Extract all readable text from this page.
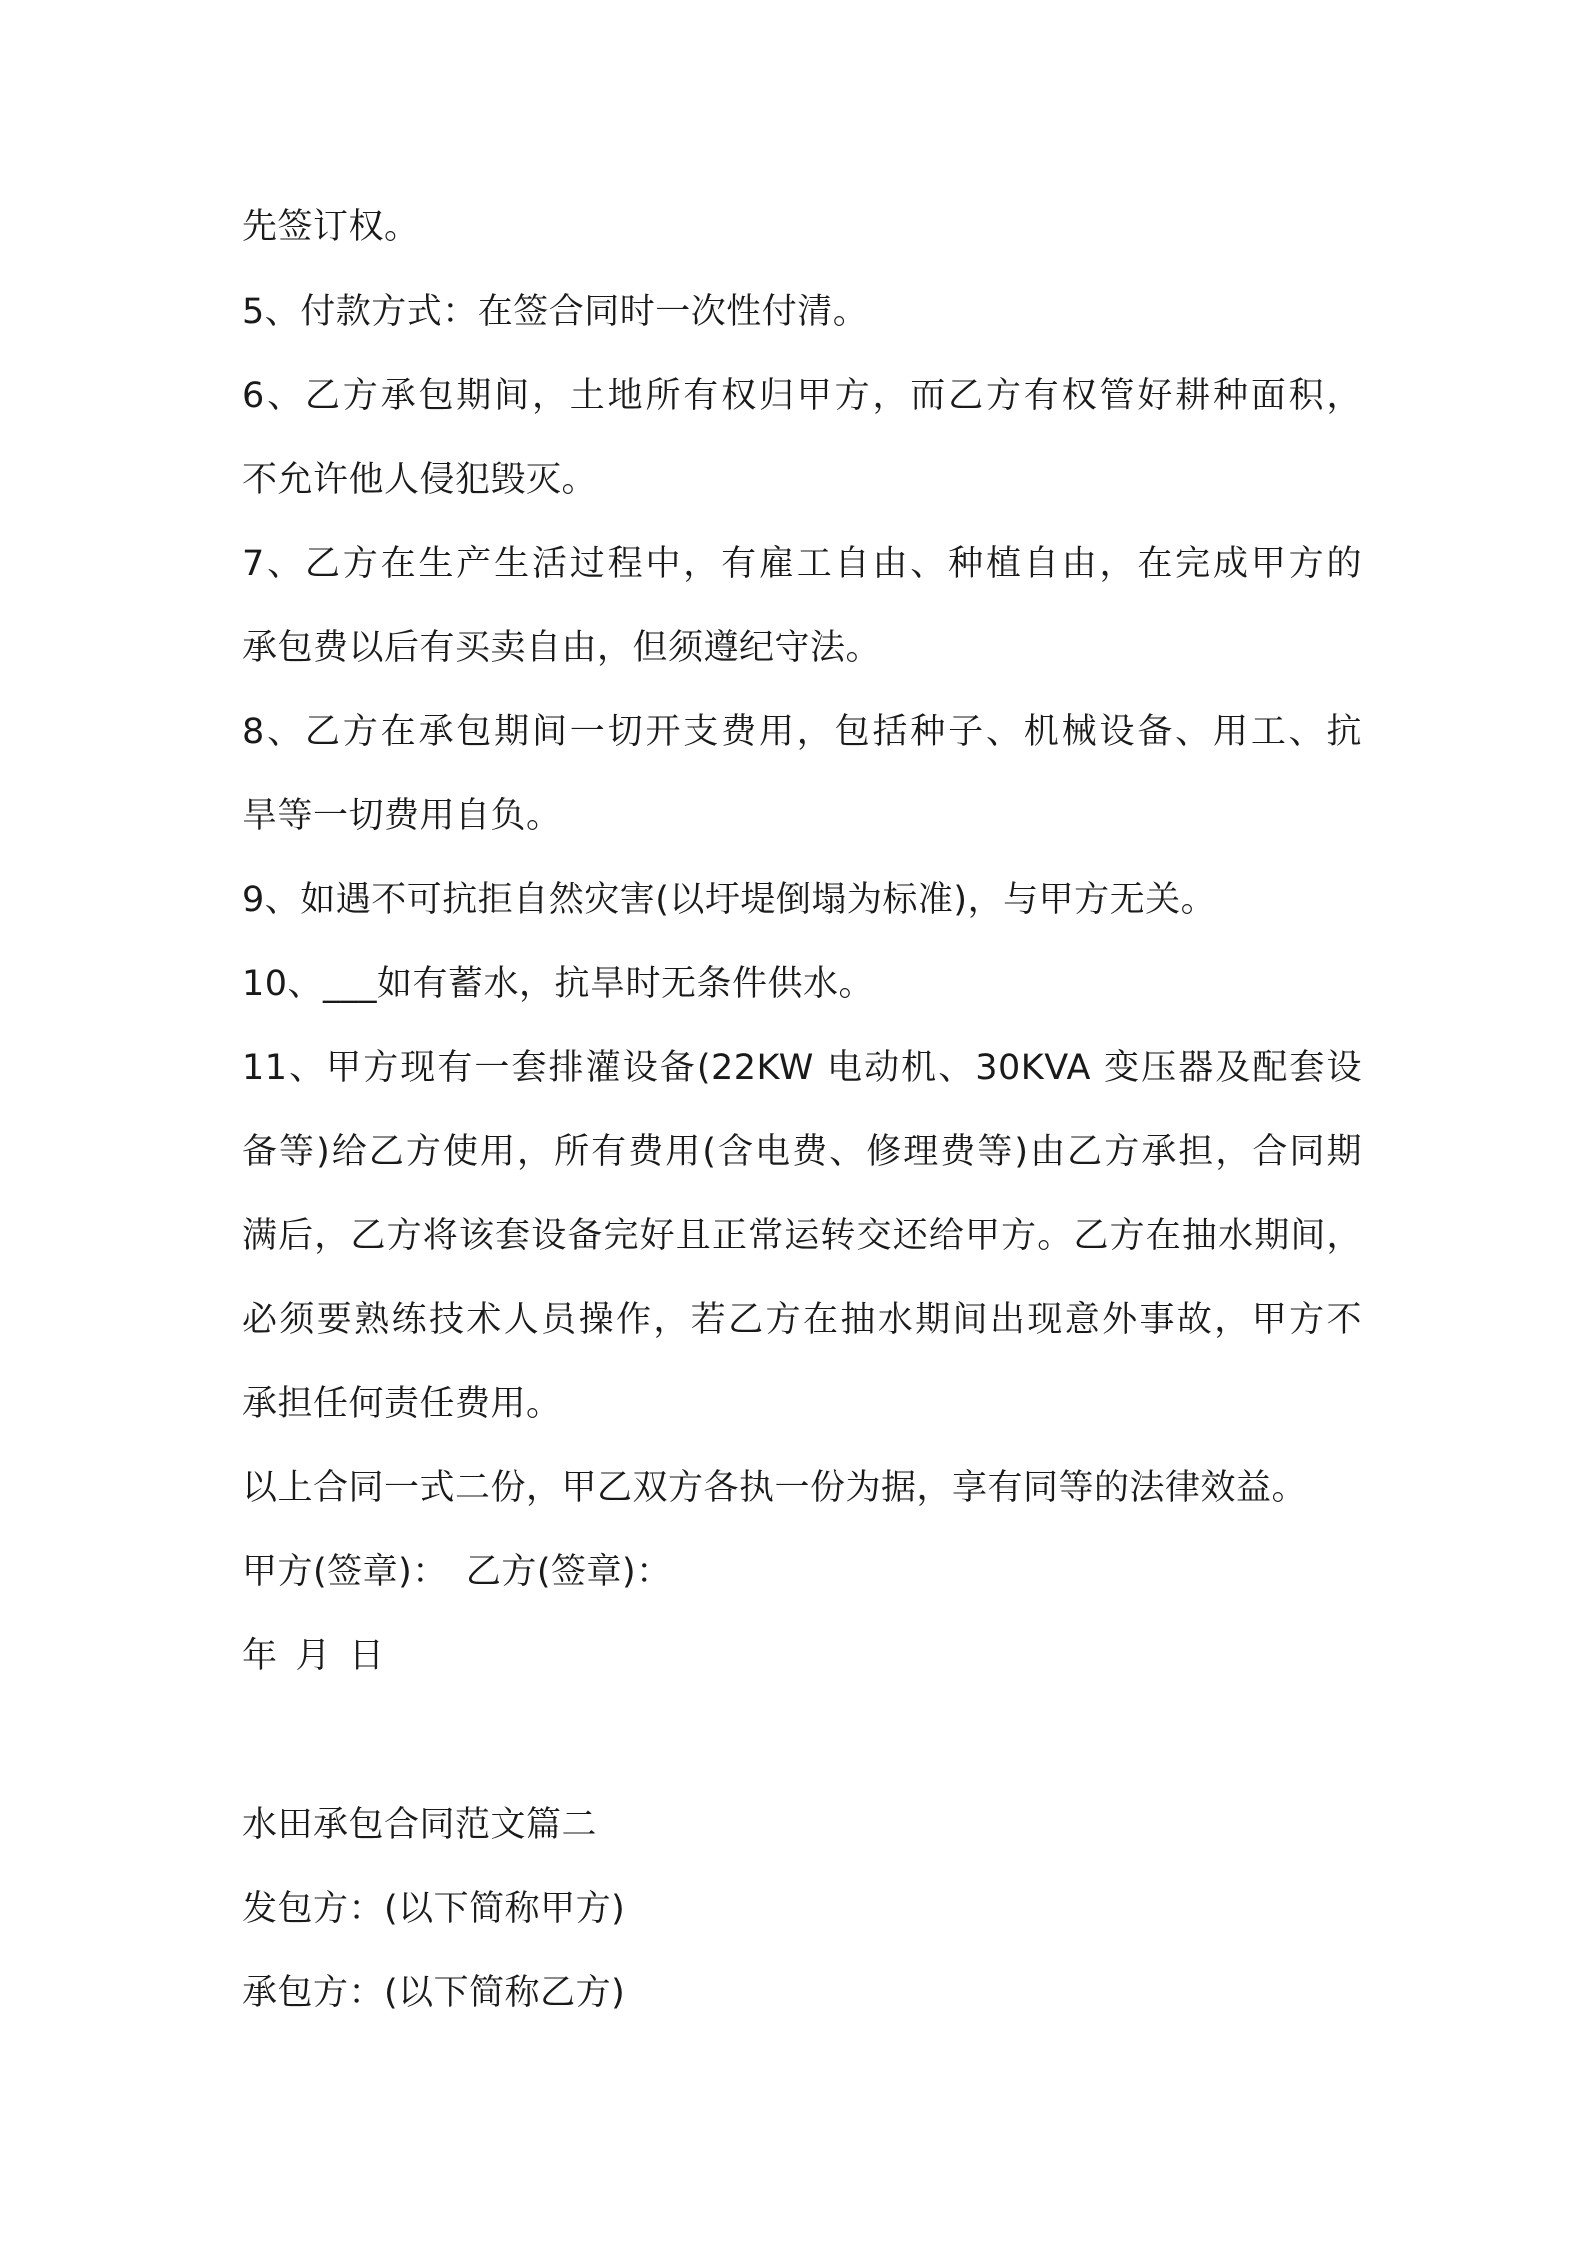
先签订权。
5、付款方式：在签合同时一次性付清。
6、乙方承包期间，土地所有权归甲方，而乙方有权管好耕种面积，
不允许他人侵犯毁灭。
7、乙方在生产生活过程中，有雇工自由、种植自由，在完成甲方的
承包费以后有买卖自由，但须遵纪守法。
8、乙方在承包期间一切开支费用，包括种子、机械设备、用工、抗
旱等一切费用自负。
9、如遇不可抗拒自然灾害(以圩堤倒塌为标准)，与甲方无关。
10、___如有蓄水，抗旱时无条件供水。
11、甲方现有一套排灌设备(22KW 电动机、30KVA 变压器及配套设
备等)给乙方使用，所有费用(含电费、修理费等)由乙方承担，合同期
满后，乙方将该套设备完好且正常运转交还给甲方。乙方在抽水期间，
必须要熟练技术人员操作，若乙方在抽水期间出现意外事故，甲方不
承担任何责任费用。
以上合同一式二份，甲乙双方各执一份为据，享有同等的法律效益。
甲方(签章)： 乙方(签章)：
年 月 日
水田承包合同范文篇二
发包方：(以下简称甲方)
承包方：(以下简称乙方)
